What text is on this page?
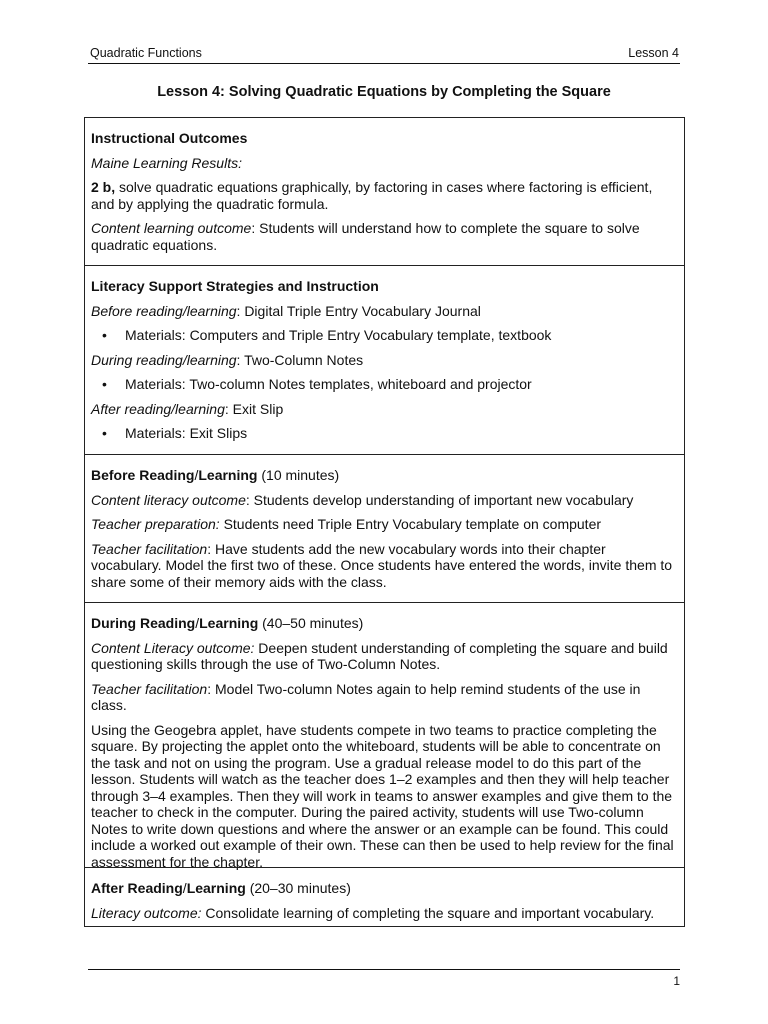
Quadratic Functions	Lesson 4
Lesson 4: Solving Quadratic Equations by Completing the Square

Instructional Outcomes

Maine Learning Results:

2 b, solve quadratic equations graphically, by factoring in cases where factoring is efficient, and by applying the quadratic formula.

Content learning outcome: Students will understand how to complete the square to solve quadratic equations.

Literacy Support Strategies and Instruction

Before reading/learning: Digital Triple Entry Vocabulary Journal

• Materials: Computers and Triple Entry Vocabulary template, textbook

During reading/learning: Two-Column Notes

• Materials: Two-column Notes templates, whiteboard and projector

After reading/learning: Exit Slip

• Materials: Exit Slips

Before Reading/Learning (10 minutes)

Content literacy outcome: Students develop understanding of important new vocabulary

Teacher preparation: Students need Triple Entry Vocabulary template on computer

Teacher facilitation: Have students add the new vocabulary words into their chapter vocabulary. Model the first two of these. Once students have entered the words, invite them to share some of their memory aids with the class.

During Reading/Learning (40–50 minutes)

Content Literacy outcome: Deepen student understanding of completing the square and build questioning skills through the use of Two-Column Notes.

Teacher facilitation: Model Two-column Notes again to help remind students of the use in class.

Using the Geogebra applet, have students compete in two teams to practice completing the square. By projecting the applet onto the whiteboard, students will be able to concentrate on the task and not on using the program. Use a gradual release model to do this part of the lesson. Students will watch as the teacher does 1–2 examples and then they will help teacher through 3–4 examples. Then they will work in teams to answer examples and give them to the teacher to check in the computer. During the paired activity, students will use Two-column Notes to write down questions and where the answer or an example can be found. This could include a worked out example of their own. These can then be used to help review for the final assessment for the chapter.

After Reading/Learning (20–30 minutes)

Literacy outcome: Consolidate learning of completing the square and important vocabulary.

1
